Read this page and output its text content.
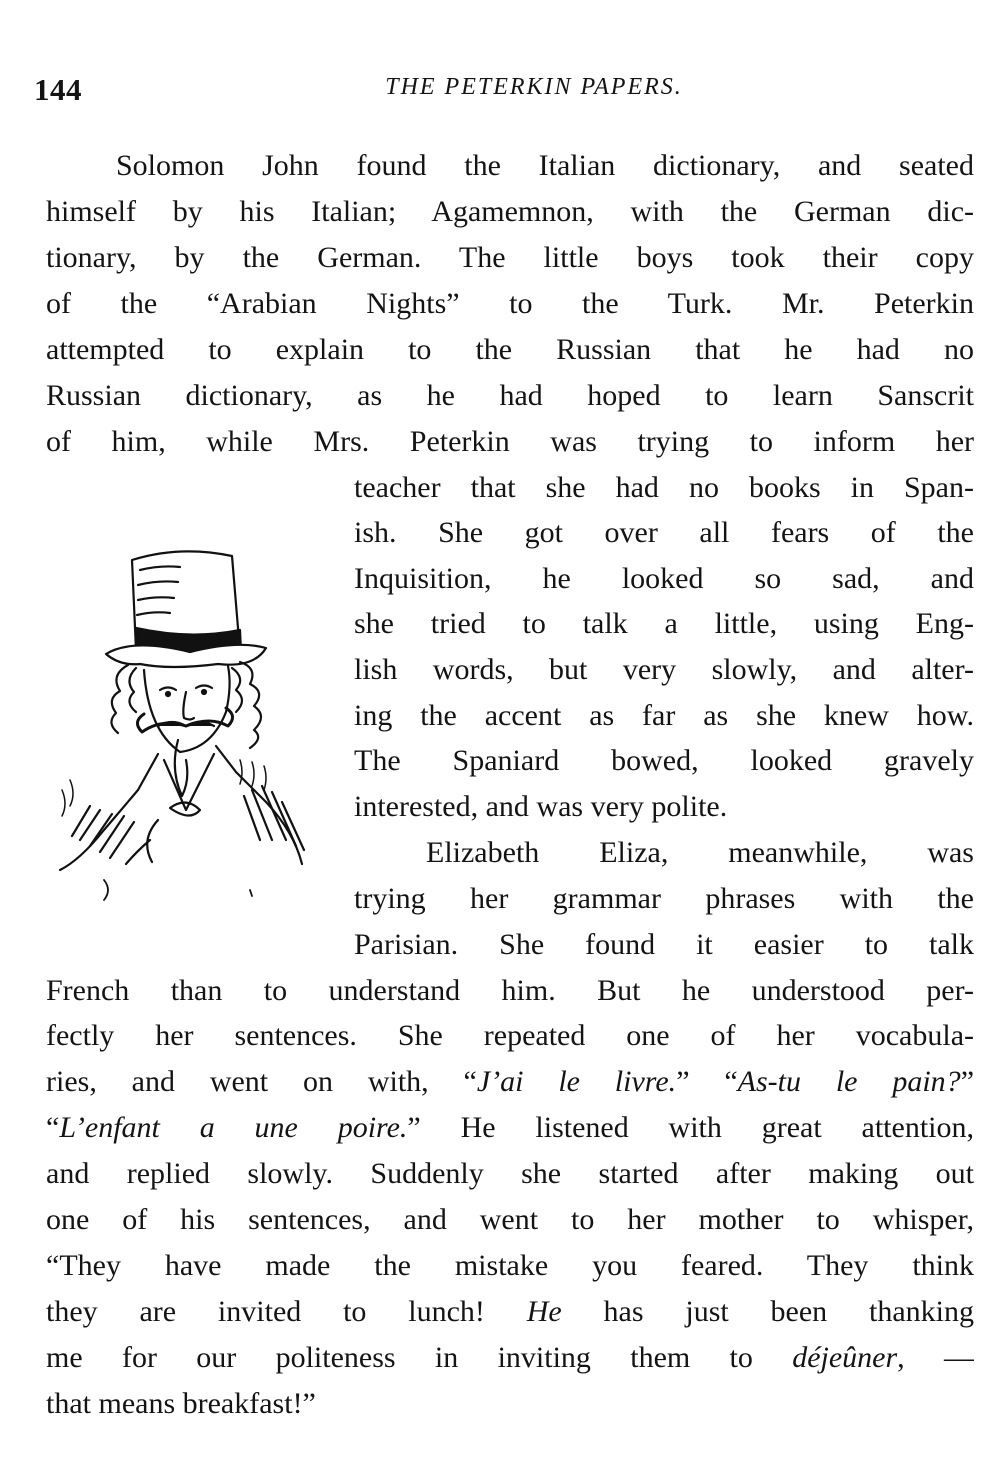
144	THE PETERKIN PAPERS.
Solomon John found the Italian dictionary, and seated
himself by his Italian; Agamemnon, with the German dic-
tionary, by the German. The little boys took their copy
of the “Arabian Nights” to the Turk. Mr. Peterkin
attempted to explain to the Russian that he had no
Russian dictionary, as he had hoped to learn Sanscrit
of him, while Mrs. Peterkin was trying to inform her
teacher that she had no books in Span-
ish. She got over all fears of the
Inquisition, he looked so sad, and
she tried to talk a little, using Eng-
lish words, but very slowly, and alter-
ing the accent as far as she knew how.
The Spaniard bowed, looked gravely
interested, and was very polite.
Elizabeth Eliza, meanwhile, was
trying her grammar phrases with the
Parisian. She found it easier to talk
French than to understand him. But he understood per-
fectly her sentences. She repeated one of her vocabula-
ries, and went on with, “J’ai le livre.” “As-tu le pain?”
“L’enfant a une poire.” He listened with great attention,
and replied slowly. Suddenly she started after making out
one of his sentences, and went to her mother to whisper,
“They have made the mistake you feared. They think
they are invited to lunch! He has just been thanking
me for our politeness in inviting them to déjeûner, —
that means breakfast!”
